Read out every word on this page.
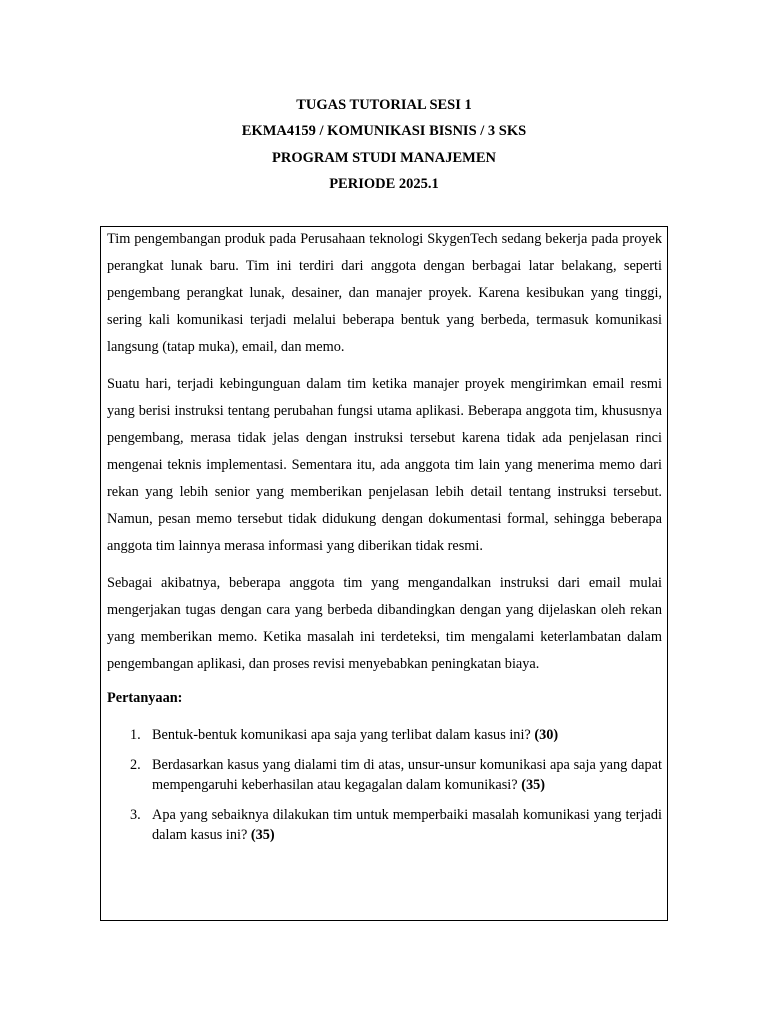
TUGAS TUTORIAL SESI 1
EKMA4159 / KOMUNIKASI BISNIS / 3 SKS
PROGRAM STUDI MANAJEMEN
PERIODE 2025.1

Tim pengembangan produk pada Perusahaan teknologi SkygenTech sedang bekerja pada proyek perangkat lunak baru. Tim ini terdiri dari anggota dengan berbagai latar belakang, seperti pengembang perangkat lunak, desainer, dan manajer proyek. Karena kesibukan yang tinggi, sering kali komunikasi terjadi melalui beberapa bentuk yang berbeda, termasuk komunikasi langsung (tatap muka), email, dan memo.

Suatu hari, terjadi kebingunguan dalam tim ketika manajer proyek mengirimkan email resmi yang berisi instruksi tentang perubahan fungsi utama aplikasi. Beberapa anggota tim, khususnya pengembang, merasa tidak jelas dengan instruksi tersebut karena tidak ada penjelasan rinci mengenai teknis implementasi. Sementara itu, ada anggota tim lain yang menerima memo dari rekan yang lebih senior yang memberikan penjelasan lebih detail tentang instruksi tersebut. Namun, pesan memo tersebut tidak didukung dengan dokumentasi formal, sehingga beberapa anggota tim lainnya merasa informasi yang diberikan tidak resmi.

Sebagai akibatnya, beberapa anggota tim yang mengandalkan instruksi dari email mulai mengerjakan tugas dengan cara yang berbeda dibandingkan dengan yang dijelaskan oleh rekan yang memberikan memo. Ketika masalah ini terdeteksi, tim mengalami keterlambatan dalam pengembangan aplikasi, dan proses revisi menyebabkan peningkatan biaya.

Pertanyaan:
1. Bentuk-bentuk komunikasi apa saja yang terlibat dalam kasus ini? (30)
2. Berdasarkan kasus yang dialami tim di atas, unsur-unsur komunikasi apa saja yang dapat mempengaruhi keberhasilan atau kegagalan dalam komunikasi? (35)
3. Apa yang sebaiknya dilakukan tim untuk memperbaiki masalah komunikasi yang terjadi dalam kasus ini? (35)
